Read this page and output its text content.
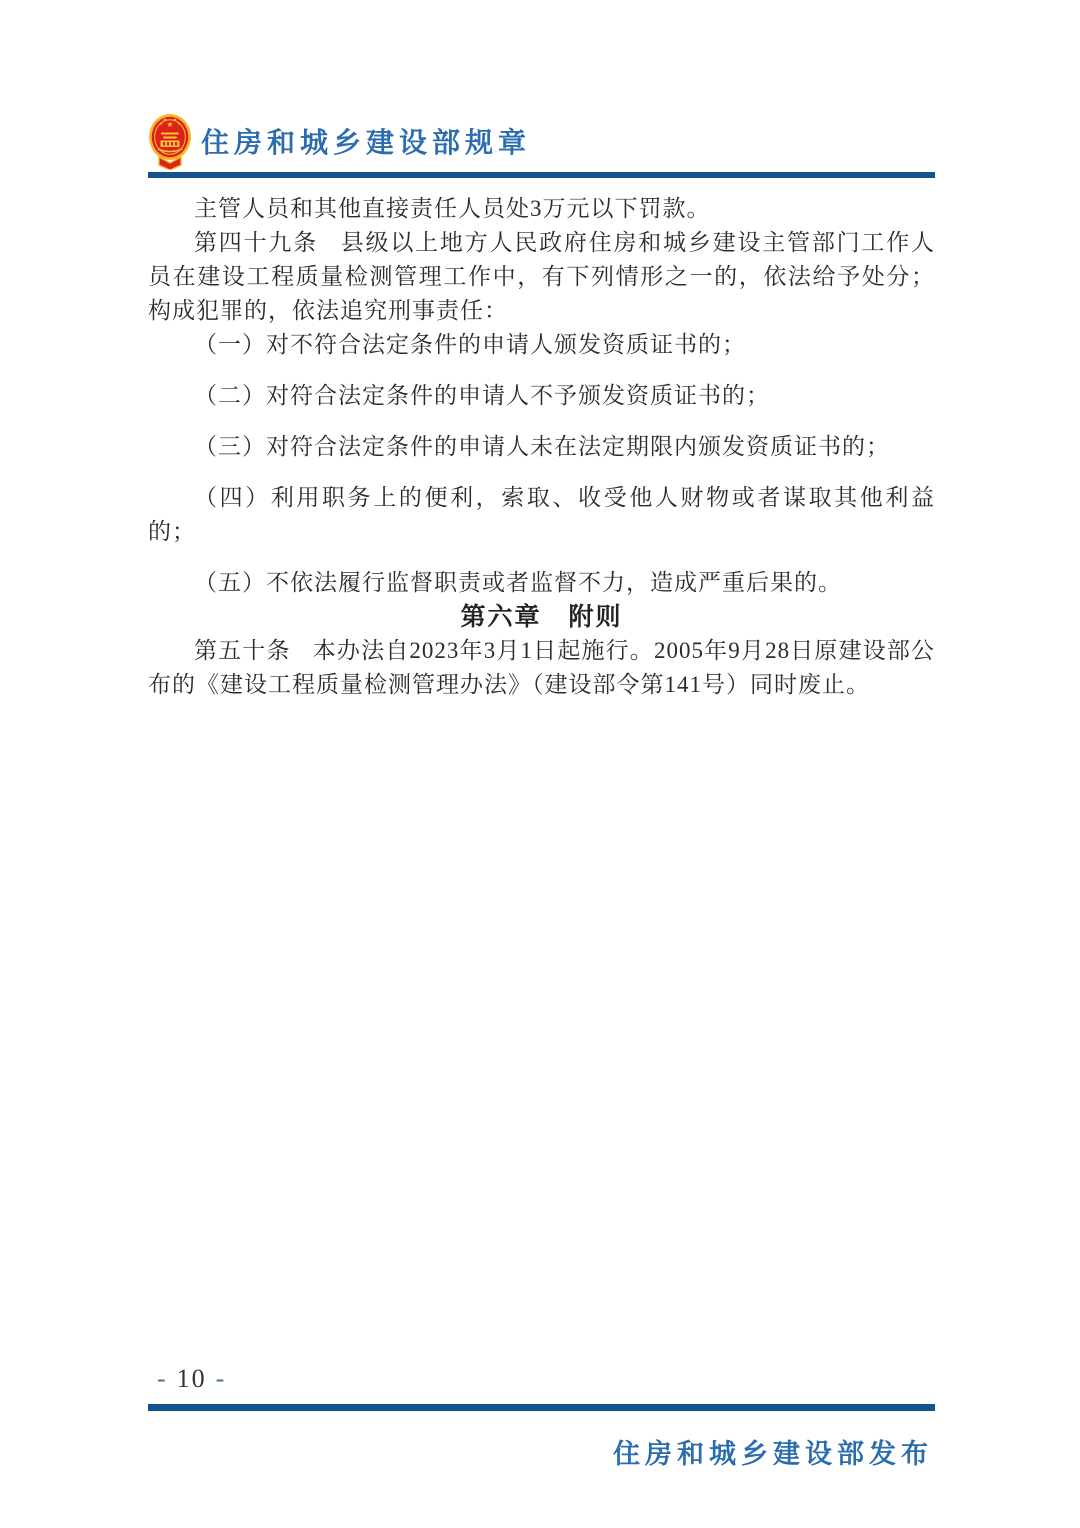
★
★
★ ★
★
住房和城乡建设部规章

主管人员和其他直接责任人员处3万元以下罚款。

第四十九条 县级以上地方人民政府住房和城乡建设主管部门工作人员在建设工程质量检测管理工作中，有下列情形之一的，依法给予处分；构成犯罪的，依法追究刑事责任：

（一）对不符合法定条件的申请人颁发资质证书的；

（二）对符合法定条件的申请人不予颁发资质证书的；

（三）对符合法定条件的申请人未在法定期限内颁发资质证书的；

（四）利用职务上的便利，索取、收受他人财物或者谋取其他利益的；

（五）不依法履行监督职责或者监督不力，造成严重后果的。

第六章　附则

第五十条 本办法自2023年3月1日起施行。2005年9月28日原建设部公布的《建设工程质量检测管理办法》（建设部令第141号）同时废止。

- 10 -
住房和城乡建设部发布
